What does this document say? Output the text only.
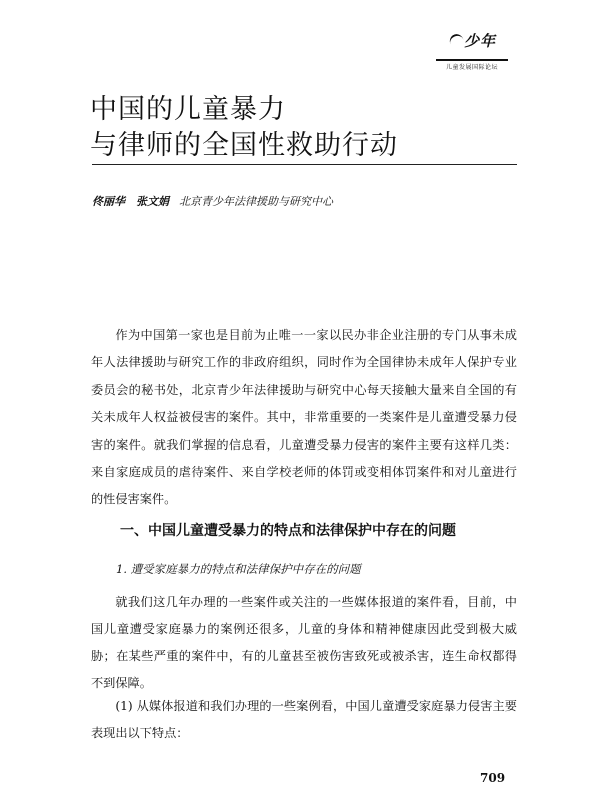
少年
儿童发展国际论坛
中国的儿童暴力
与律师的全国性救助行动
佟丽华　张文娟 北京青少年法律援助与研究中心
作为中国第一家也是目前为止唯一一家以民办非企业注册的专门从事未成年人法律援助与研究工作的非政府组织，同时作为全国律协未成年人保护专业委员会的秘书处，北京青少年法律援助与研究中心每天接触大量来自全国的有关未成年人权益被侵害的案件。其中，非常重要的一类案件是儿童遭受暴力侵害的案件。就我们掌握的信息看，儿童遭受暴力侵害的案件主要有这样几类：来自家庭成员的虐待案件、来自学校老师的体罚或变相体罚案件和对儿童进行的性侵害案件。
一、中国儿童遭受暴力的特点和法律保护中存在的问题
1. 遭受家庭暴力的特点和法律保护中存在的问题
就我们这几年办理的一些案件或关注的一些媒体报道的案件看，目前，中国儿童遭受家庭暴力的案例还很多，儿童的身体和精神健康因此受到极大威胁；在某些严重的案件中，有的儿童甚至被伤害致死或被杀害，连生命权都得不到保障。
(1) 从媒体报道和我们办理的一些案例看，中国儿童遭受家庭暴力侵害主要表现出以下特点：
709
